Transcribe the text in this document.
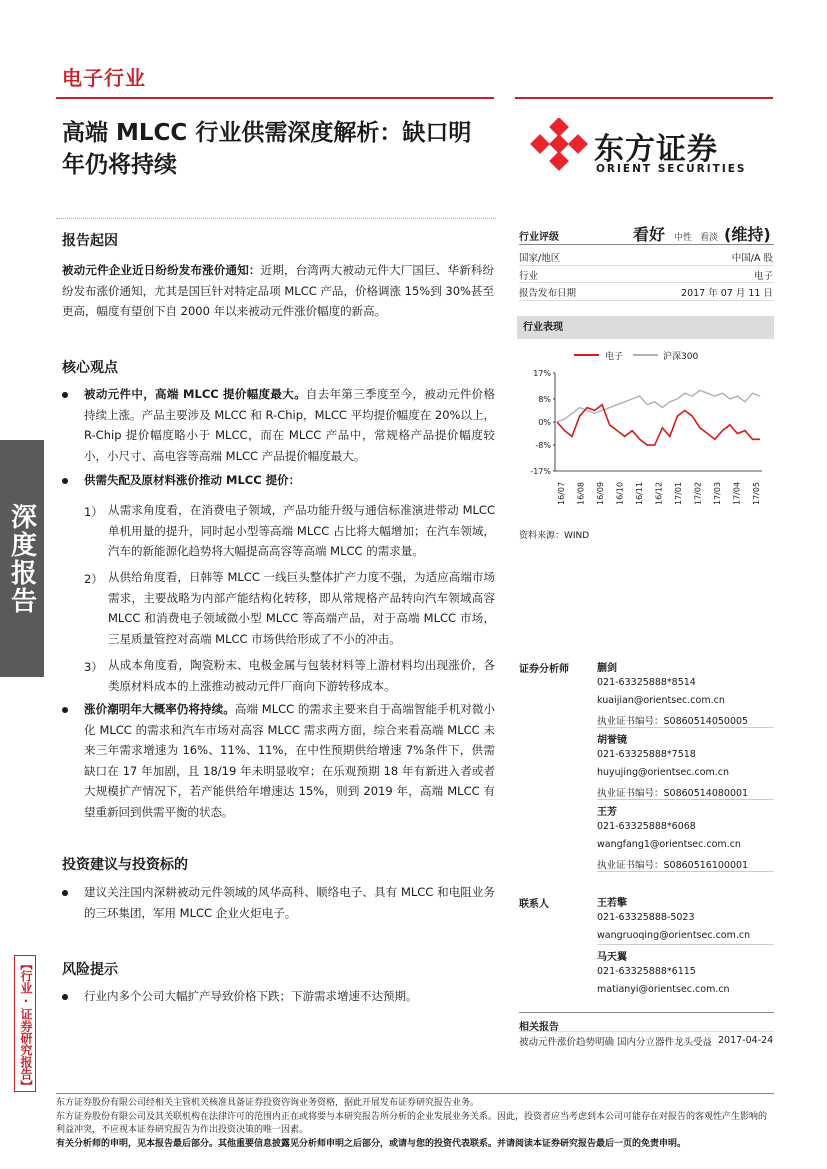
电子行业
高端 MLCC 行业供需深度解析：缺口明
年仍将持续	东方证券
ORIENT SECURITIES
深度报告
【行业·证券研究报告】
报告起因
被动元件企业近日纷纷发布涨价通知：近期，台湾两大被动元件大厂国巨、华新科纷纷发布涨价通知，尤其是国巨针对特定品项 MLCC 产品，价格调涨 15%到 30%甚至更高，幅度有望创下自 2000 年以来被动元件涨价幅度的新高。
核心观点
被动元件中，高端 MLCC 提价幅度最大。自去年第三季度至今，被动元件价格持续上涨。产品主要涉及 MLCC 和 R-Chip，MLCC 平均提价幅度在 20%以上，R-Chip 提价幅度略小于 MLCC，而在 MLCC 产品中，常规格产品提价幅度较小，小尺寸、高电容等高端 MLCC 产品提价幅度最大。
供需失配及原材料涨价推动 MLCC 提价：
1） 从需求角度看，在消费电子领域，产品功能升级与通信标准演进带动 MLCC 单机用量的提升，同时起小型等高端 MLCC 占比将大幅增加；在汽车领域，汽车的新能源化趋势将大幅提高高容等高端 MLCC 的需求量。
2） 从供给角度看，日韩等 MLCC 一线巨头整体扩产力度不强，为适应高端市场需求，主要战略为内部产能结构化转移，即从常规格产品转向汽车领域高容 MLCC 和消费电子领域微小型 MLCC 等高端产品，对于高端 MLCC 市场，三星质量管控对高端 MLCC 市场供给形成了不小的冲击。
3） 从成本角度看，陶瓷粉末、电极金属与包装材料等上游材料均出现涨价，各类原材料成本的上涨推动被动元件厂商向下游转移成本。
涨价潮明年大概率仍将持续。高端 MLCC 的需求主要来自于高端智能手机对微小化 MLCC 的需求和汽车市场对高容 MLCC 需求两方面，综合来看高端 MLCC 未来三年需求增速为 16%、11%、11%，在中性预期供给增速 7%条件下，供需缺口在 17 年加剧，且 18/19 年未明显收窄；在乐观预期 18 年有新进入者或者大规模扩产情况下，若产能供给年增速达 15%，则到 2019 年，高端 MLCC 有望重新回到供需平衡的状态。
投资建议与投资标的
建议关注国内深耕被动元件领域的风华高科、顺络电子、具有 MLCC 和电阻业务的三环集团，军用 MLCC 企业火炬电子。
风险提示
行业内多个公司大幅扩产导致价格下跌；下游需求增速不达预期。
行业评级	看好 中性 看淡 (维持)
国家/地区	中国/A 股
行业	电子
报告发布日期	2017 年 07 月 11 日
行业表现
电子	沪深300
17%
8%
0%
-8%
-17%
16/07 16/08 16/09 16/10 16/11 16/12 17/01 17/02 17/03 17/04 17/05
资料来源：WIND
证券分析师	蒯剑
021-63325888*8514
kuaijian@orientsec.com.cn
执业证书编号：S0860514050005
胡誉镜
021-63325888*7518
huyujing@orientsec.com.cn
执业证书编号：S0860514080001
王芳
021-63325888*6068
wangfang1@orientsec.com.cn
执业证书编号：S0860516100001
联系人	王若擎
021-63325888-5023
wangruoqing@orientsec.com.cn
马天翼
021-63325888*6115
matianyi@orientsec.com.cn
相关报告
被动元件涨价趋势明确 国内分立器件龙头受益 2017-04-24
东方证券股份有限公司经相关主管机关核准具备证券投资咨询业务资格，据此开展发布证券研究报告业务。
东方证券股份有限公司及其关联机构在法律许可的范围内正在或将要与本研究报告所分析的企业发展业务关系。因此，投资者应当考虑到本公司可能存在对报告的客观性产生影响的利益冲突，不应视本证券研究报告为作出投资决策的唯一因素。
有关分析师的申明，见本报告最后部分。其他重要信息披露见分析师申明之后部分，或请与您的投资代表联系。并请阅读本证券研究报告最后一页的免责申明。
